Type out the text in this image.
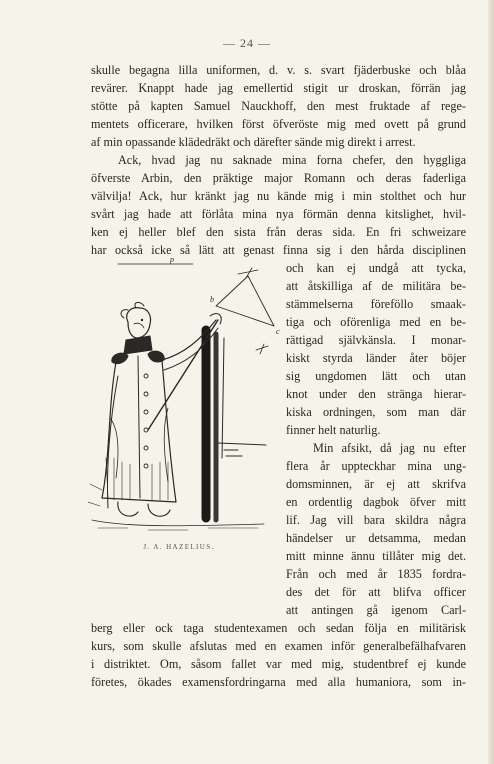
— 24 —
skulle begagna lilla uniformen, d. v. s. svart fjäderbuske och blåa
revärer. Knappt hade jag emellertid stigit ur droskan, förrän jag
stötte på kapten Samuel Nauckhoff, den mest fruktade af rege-
mentets officerare, hvilken först öfveröste mig med ovett på grund
af min opassande klädedräkt och därefter sände mig direkt i arrest.
Ack, hvad jag nu saknade mina forna chefer, den hyggliga
öfverste Arbin, den präktige major Romann och deras faderliga
välvilja! Ack, hur kränkt jag nu kände mig i min stolthet och hur
svårt jag hade att förlåta mina nya förmän denna kitslighet, hvil-
ken ej heller blef den sista från deras sida. En fri schweizare
har också icke så lätt att genast finna sig i den hårda disciplinen
och kan ej undgå att tycka,
att åtskilliga af de militära be-
stämmelserna föreföllo smaak-
tiga och oförenliga med en be-
rättigad självkänsla. I monar-
kiskt styrda länder åter böjer
sig ungdomen lätt och utan
knot under den stränga hierar-
kiska ordningen, som man där
finner helt naturlig.
Min afsikt, då jag nu efter
flera år uppteckhar mina ung-
domsminnen, är ej att skrifva
en ordentlig dagbok öfver mitt
lif. Jag vill bara skildra några
händelser ur detsamma, medan
mitt minne ännu tillåter mig det.
Från och med år 1835 fordra-
des det för att blifva officer
att antingen gå igenom Carl-
berg eller ock taga studentexamen och sedan följa en militärisk
kurs, som skulle afslutas med en examen inför generalbefälhafvaren
i distriktet. Om, såsom fallet var med mig, studentbref ej kunde
företes, ökades examensfordringarna med alla humaniora, som in-
p
b
c
J. A. HAZELIUS.
